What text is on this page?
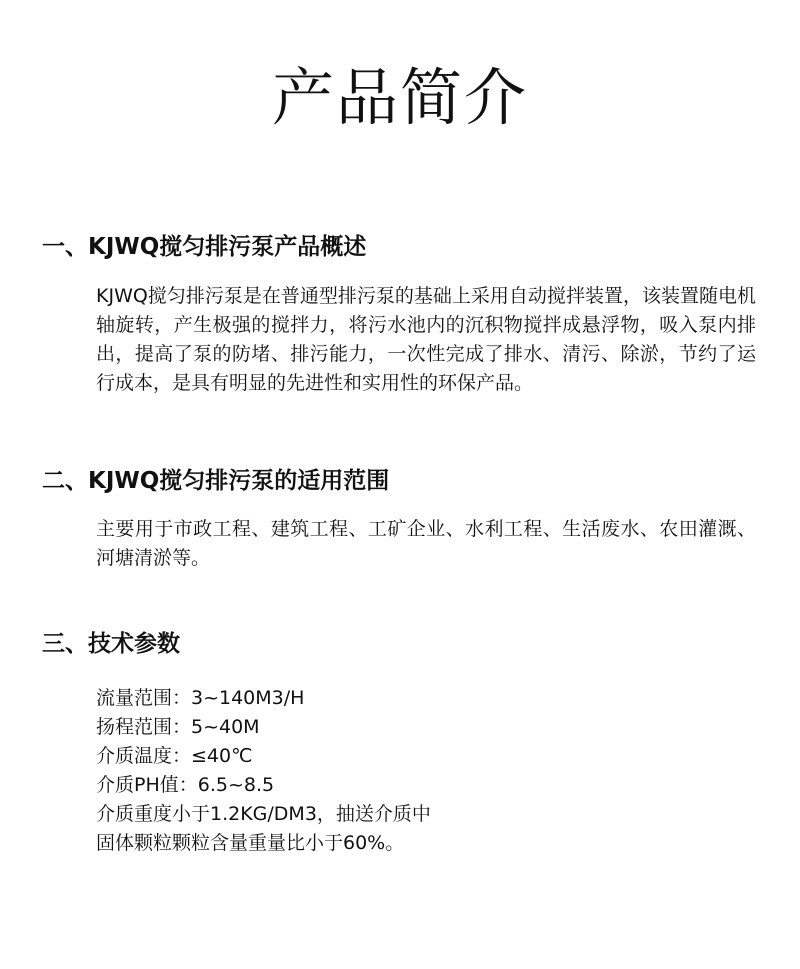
产品简介
一、KJWQ搅匀排污泵产品概述

KJWQ搅匀排污泵是在普通型排污泵的基础上采用自动搅拌装置，该装置随电机轴旋转，产生极强的搅拌力，将污水池内的沉积物搅拌成悬浮物，吸入泵内排出，提高了泵的防堵、排污能力，一次性完成了排水、清污、除淤，节约了运行成本，是具有明显的先进性和实用性的环保产品。

二、KJWQ搅匀排污泵的适用范围

主要用于市政工程、建筑工程、工矿企业、水利工程、生活废水、农田灌溉、河塘清淤等。

三、技术参数
流量范围：3~140M3/H
扬程范围：5~40M
介质温度：≤40℃
介质PH值：6.5~8.5
介质重度小于1.2KG/DM3，抽送介质中
固体颗粒颗粒含量重量比小于60%。
